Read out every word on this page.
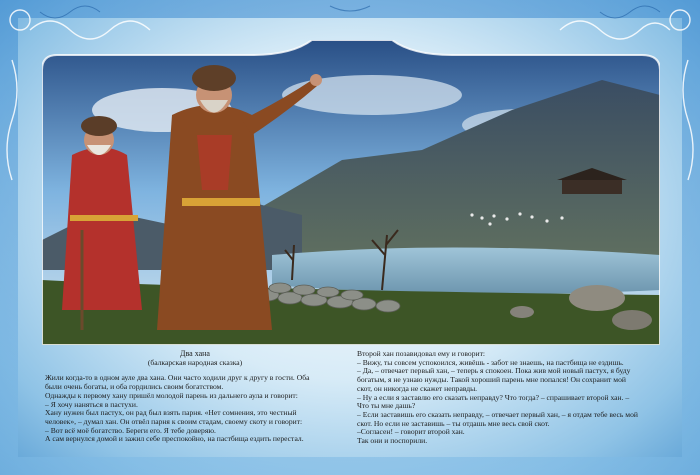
Два хана
(балкарская народная сказка)

Жили когда-то в одном ауле два хана. Они часто ходили друг к другу в гости. Оба

были очень богаты, и оба гордились своим богатством.

Однажды к первому хану пришёл молодой парень из дальнего аула и говорит:

– Я хочу наняться в пастухи.

Хану нужен был пастух, он рад был взять парня. «Нет сомнения, это честный

человек», – думал хан. Он отвёл парня к своим стадам, своему скоту и говорит:

– Вот всё моё богатство. Береги его. Я тебе доверяю.

А сам вернулся домой и зажил себе преспокойно, на пастбища ездить перестал.

Второй хан позавидовал ему и говорит:

– Вижу, ты совсем успокоился, живёшь - забот не знаешь, на пастбища не ездишь.

– Да, – отвечает первый хан, – теперь я спокоен. Пока жив мой новый пастух, я буду

богатым, я не узнаю нужды. Такой хороший парень мне попался! Он сохранит мой

скот, он никогда не скажет неправды.

– Ну а если я заставлю его сказать неправду? Что тогда? – спрашивает второй хан. –

Что ты мне дашь?

– Если заставишь его сказать неправду, – отвечает первый хан, – я отдам тебе весь мой

скот. Но если не заставишь – ты отдашь мне весь свой скот.

–Согласен! – говорит второй хан.

Так они и поспорили.
